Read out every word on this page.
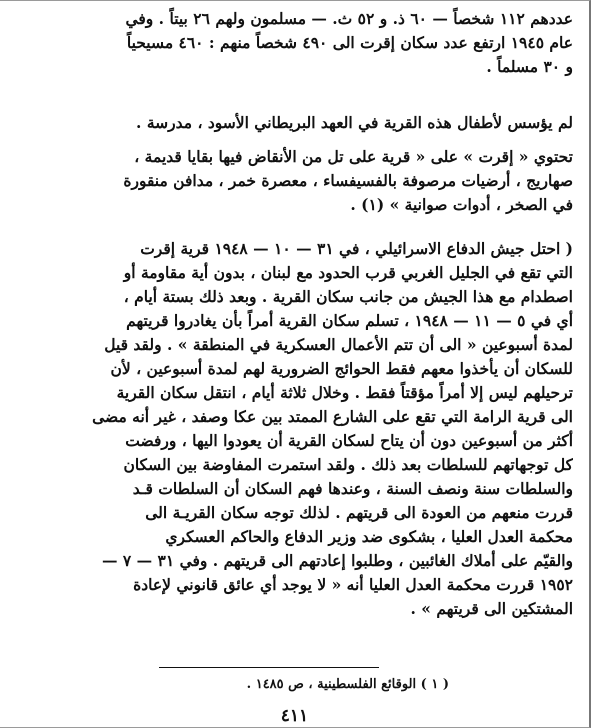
عددهم ١١٢ شخصاً — ٦٠ ذ. و ٥٢ ث. — مسلمون ولهم ٢٦ بيتاً . وفي
عام ١٩٤٥ ارتفع عدد سكان إقرت الى ٤٩٠ شخصاً منهم : ٤٦٠ مسيحياً
و ٣٠ مسلماً .
لم يؤسس لأطفال هذه القرية في العهد البريطاني الأسود ، مدرسة .
تحتوي « إقرت » على « قرية على تل من الأنقاض فيها بقايا قديمة ،
صهاريج ، أرضيات مرصوفة بالفسيفساء ، معصرة خمر ، مدافن منقورة
في الصخر ، أدوات صوانية » (١) .
( احتل جيش الدفاع الاسرائيلي ، في ٣١ — ١٠ — ١٩٤٨ قرية إقرت
التي تقع في الجليل الغربي قرب الحدود مع لبنان ، بدون أية مقاومة أو
اصطدام مع هذا الجيش من جانب سكان القرية . وبعد ذلك بستة أيام ،
أي في ٥ — ١١ — ١٩٤٨ ، تسلم سكان القرية أمراً بأن يغادروا قريتهم
لمدة أسبوعين « الى أن تتم الأعمال العسكرية في المنطقة » . ولقد قيل
للسكان أن يأخذوا معهم فقط الحوائج الضرورية لهم لمدة أسبوعين ، لأن
ترحيلهم ليس إلا أمراً مؤقتاً فقط . وخلال ثلاثة أيام ، انتقل سكان القرية
الى قرية الرامة التي تقع على الشارع الممتد بين عكا وصفد ، غير أنه مضى
أكثر من أسبوعين دون أن يتاح لسكان القرية أن يعودوا اليها ، ورفضت
كل توجهاتهم للسلطات بعد ذلك . ولقد استمرت المفاوضة بين السكان
والسلطات سنة ونصف السنة ، وعندها فهم السكان أن السلطات قـد
قررت منعهم من العودة الى قريتهم . لذلك توجه سكان القريـة الى
محكمة العدل العليا ، بشكوى ضد وزير الدفاع والحاكم العسكري
والقيّم على أملاك الغائبين ، وطلبوا إعادتهم الى قريتهم . وفي ٣١ — ٧ —
١٩٥٢ قررت محكمة العدل العليا أنه « لا يوجد أي عائق قانوني لإعادة
المشتكين الى قريتهم » .
( ١ ) الوقائع الفلسطينية ، ص ١٤٨٥ .
٤١١
